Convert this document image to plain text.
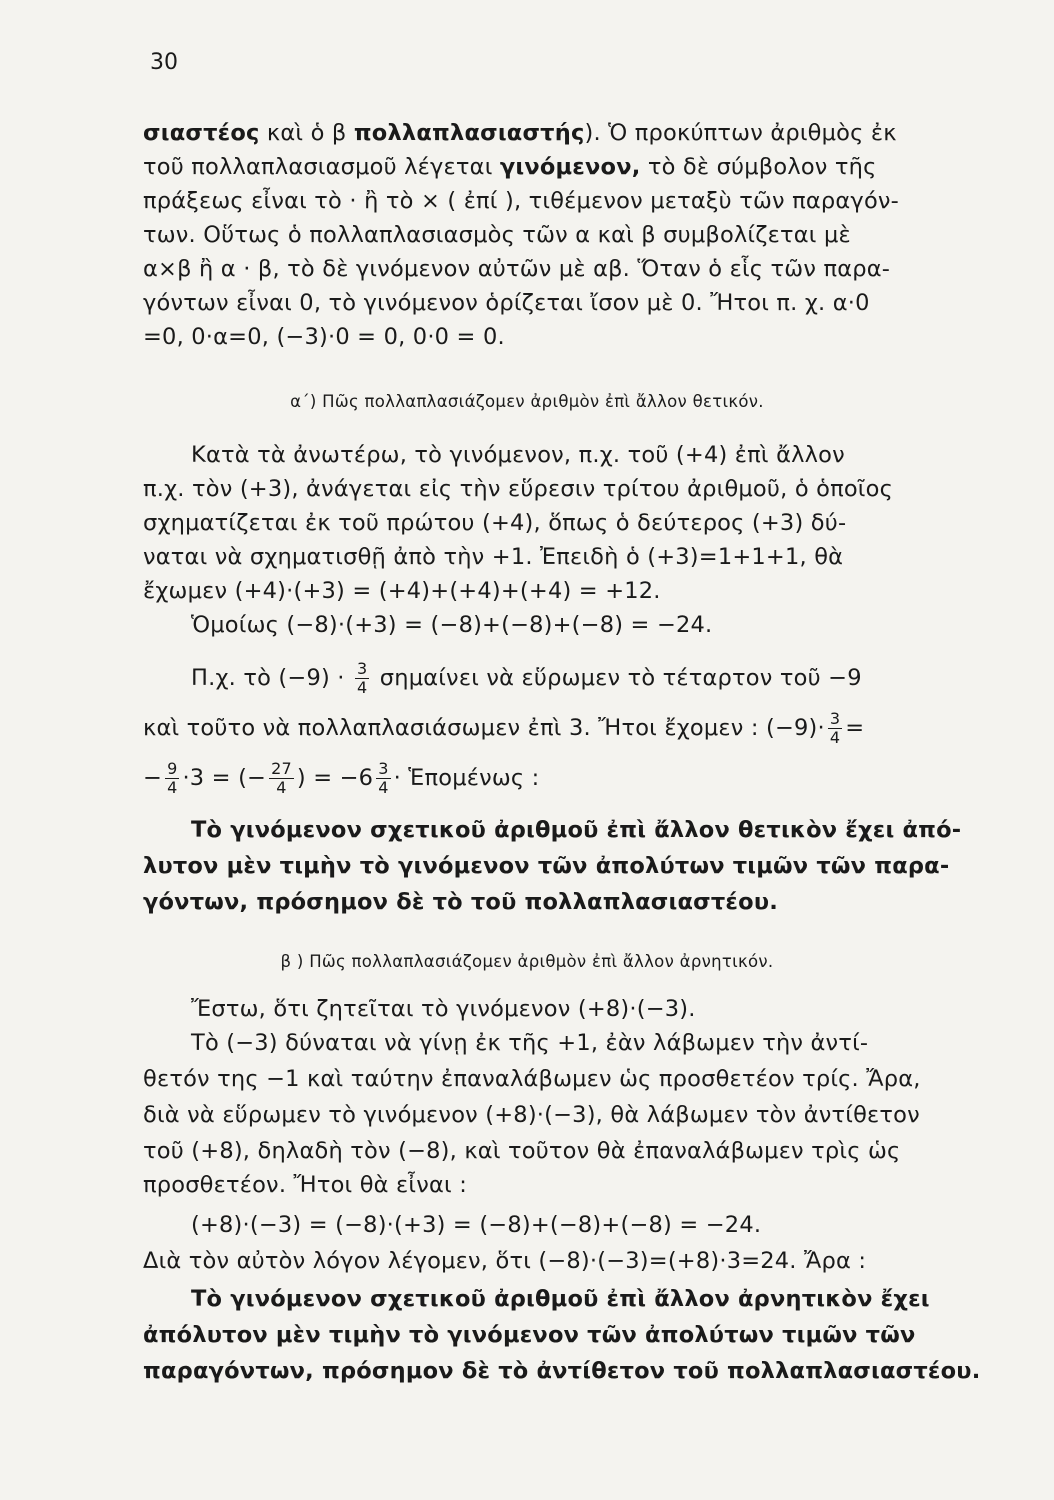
30
σιαστέος καὶ ὁ β πολλαπλασιαστής). Ὁ προκύπτων ἀριθμὸς ἐκ
τοῦ πολλαπλασιασμοῦ λέγεται γινόμενον, τὸ δὲ σύμβολον τῆς
πράξεως εἶναι τὸ · ἢ τὸ × ( ἐπί ), τιθέμενον μεταξὺ τῶν παραγόν-
των. Οὕτως ὁ πολλαπλασιασμὸς τῶν α καὶ β συμβολίζεται μὲ
α×β ἢ α · β, τὸ δὲ γινόμενον αὐτῶν μὲ αβ. Ὅταν ὁ εἷς τῶν παρα-
γόντων εἶναι 0, τὸ γινόμενον ὁρίζεται ἴσον μὲ 0. Ἤτοι π. χ. α·0
=0, 0·α=0, (−3)·0 = 0, 0·0 = 0.
α΄) Πῶς πολλαπλασιάζομεν ἀριθμὸν ἐπὶ ἄλλον θετικόν.
Κατὰ τὰ ἀνωτέρω, τὸ γινόμενον, π.χ. τοῦ (+4) ἐπὶ ἄλλον
π.χ. τὸν (+3), ἀνάγεται εἰς τὴν εὕρεσιν τρίτου ἀριθμοῦ, ὁ ὁποῖος
σχηματίζεται ἐκ τοῦ πρώτου (+4), ὅπως ὁ δεύτερος (+3) δύ-
ναται νὰ σχηματισθῇ ἀπὸ τὴν +1. Ἐπειδὴ ὁ (+3)=1+1+1, θὰ
ἔχωμεν (+4)·(+3) = (+4)+(+4)+(+4) = +12.
Ὁμοίως (−8)·(+3) = (−8)+(−8)+(−8) = −24.
Π.χ. τὸ $(-9) \cdot \frac{3}{4}$ σημαίνει νὰ εὕρωμεν τὸ τέταρτον τοῦ −9
καὶ τοῦτο νὰ πολλαπλασιάσωμεν ἐπὶ 3. Ἤτοι ἔχομεν : $(-9)\cdot \frac{3}{4}$ =
− $\frac{9}{4} \cdot 3$ = (− $\frac{27}{4}$ ) = $-6 \frac{3}{4}$ · Ἑπομένως :
Τὸ γινόμενον σχετικοῦ ἀριθμοῦ ἐπὶ ἄλλον θετικὸν ἔχει ἀπό-
λυτον μὲν τιμὴν τὸ γινόμενον τῶν ἀπολύτων τιμῶν τῶν παρα-
γόντων, πρόσημον δὲ τὸ τοῦ πολλαπλασιαστέου.
β ) Πῶς πολλαπλασιάζομεν ἀριθμὸν ἐπὶ ἄλλον ἀρνητικόν.
Ἔστω, ὅτι ζητεῖται τὸ γινόμενον (+8)·(−3).
Τὸ (−3) δύναται νὰ γίνῃ ἐκ τῆς +1, ἐὰν λάβωμεν τὴν ἀντί-
θετόν της −1 καὶ ταύτην ἐπαναλάβωμεν ὡς προσθετέον τρίς. Ἄρα,
διὰ νὰ εὕρωμεν τὸ γινόμενον (+8)·(−3), θὰ λάβωμεν τὸν ἀντίθετον
τοῦ (+8), δηλαδὴ τὸν (−8), καὶ τοῦτον θὰ ἐπαναλάβωμεν τρὶς ὡς
προσθετέον. Ἤτοι θὰ εἶναι :
(+8)·(−3) = (−8)·(+3) = (−8)+(−8)+(−8) = −24.
Διὰ τὸν αὐτὸν λόγον λέγομεν, ὅτι (−8)·(−3)=(+8)·3=24. Ἄρα :
Τὸ γινόμενον σχετικοῦ ἀριθμοῦ ἐπὶ ἄλλον ἀρνητικὸν ἔχει
ἀπόλυτον μὲν τιμὴν τὸ γινόμενον τῶν ἀπολύτων τιμῶν τῶν
παραγόντων, πρόσημον δὲ τὸ ἀντίθετον τοῦ πολλαπλασιαστέου.
